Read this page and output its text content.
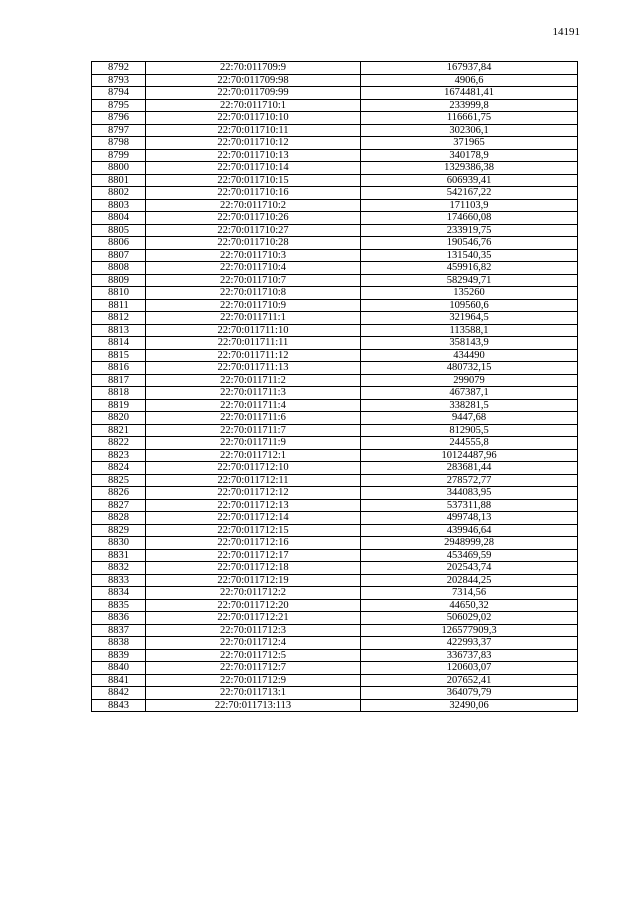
14191
8792	22:70:011709:9	167937,84
8793	22:70:011709:98	4906,6
8794	22:70:011709:99	1674481,41
8795	22:70:011710:1	233999,8
8796	22:70:011710:10	116661,75
8797	22:70:011710:11	302306,1
8798	22:70:011710:12	371965
8799	22:70:011710:13	340178,9
8800	22:70:011710:14	1329386,38
8801	22:70:011710:15	606939,41
8802	22:70:011710:16	542167,22
8803	22:70:011710:2	171103,9
8804	22:70:011710:26	174660,08
8805	22:70:011710:27	233919,75
8806	22:70:011710:28	190546,76
8807	22:70:011710:3	131540,35
8808	22:70:011710:4	459916,82
8809	22:70:011710:7	582949,71
8810	22:70:011710:8	135260
8811	22:70:011710:9	109560,6
8812	22:70:011711:1	321964,5
8813	22:70:011711:10	113588,1
8814	22:70:011711:11	358143,9
8815	22:70:011711:12	434490
8816	22:70:011711:13	480732,15
8817	22:70:011711:2	299079
8818	22:70:011711:3	467387,1
8819	22:70:011711:4	338281,5
8820	22:70:011711:6	9447,68
8821	22:70:011711:7	812905,5
8822	22:70:011711:9	244555,8
8823	22:70:011712:1	10124487,96
8824	22:70:011712:10	283681,44
8825	22:70:011712:11	278572,77
8826	22:70:011712:12	344083,95
8827	22:70:011712:13	537311,88
8828	22:70:011712:14	499748,13
8829	22:70:011712:15	439946,64
8830	22:70:011712:16	2948999,28
8831	22:70:011712:17	453469,59
8832	22:70:011712:18	202543,74
8833	22:70:011712:19	202844,25
8834	22:70:011712:2	7314,56
8835	22:70:011712:20	44650,32
8836	22:70:011712:21	506029,02
8837	22:70:011712:3	126577909,3
8838	22:70:011712:4	422993,37
8839	22:70:011712:5	336737,83
8840	22:70:011712:7	120603,07
8841	22:70:011712:9	207652,41
8842	22:70:011713:1	364079,79
8843	22:70:011713:113	32490,06
